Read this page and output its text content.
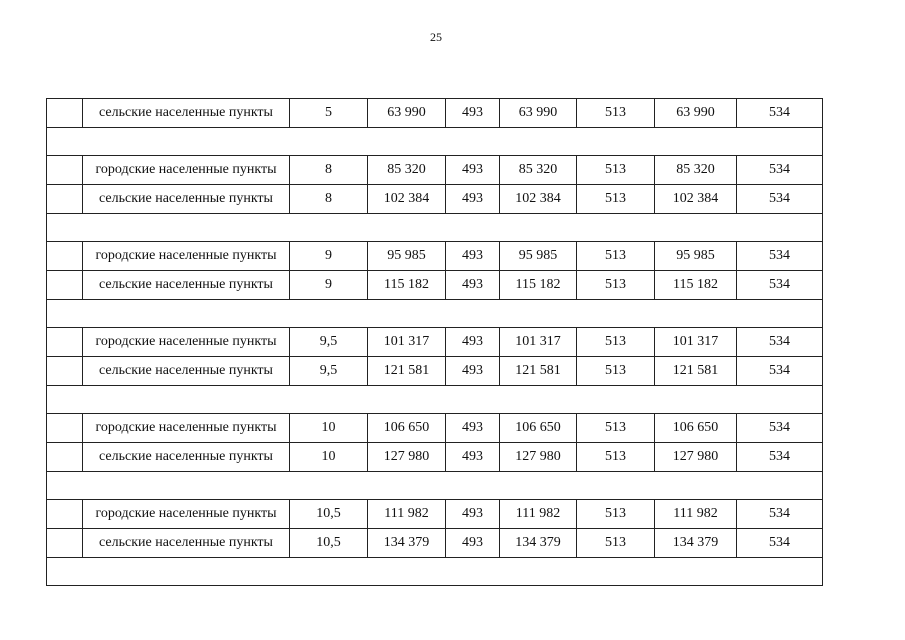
25
	сельские населенные пункты	5	63 990	493	63 990	513	63 990	534

	городские населенные пункты	8	85 320	493	85 320	513	85 320	534
	сельские населенные пункты	8	102 384	493	102 384	513	102 384	534

	городские населенные пункты	9	95 985	493	95 985	513	95 985	534
	сельские населенные пункты	9	115 182	493	115 182	513	115 182	534

	городские населенные пункты	9,5	101 317	493	101 317	513	101 317	534
	сельские населенные пункты	9,5	121 581	493	121 581	513	121 581	534

	городские населенные пункты	10	106 650	493	106 650	513	106 650	534
	сельские населенные пункты	10	127 980	493	127 980	513	127 980	534

	городские населенные пункты	10,5	111 982	493	111 982	513	111 982	534
	сельские населенные пункты	10,5	134 379	493	134 379	513	134 379	534
